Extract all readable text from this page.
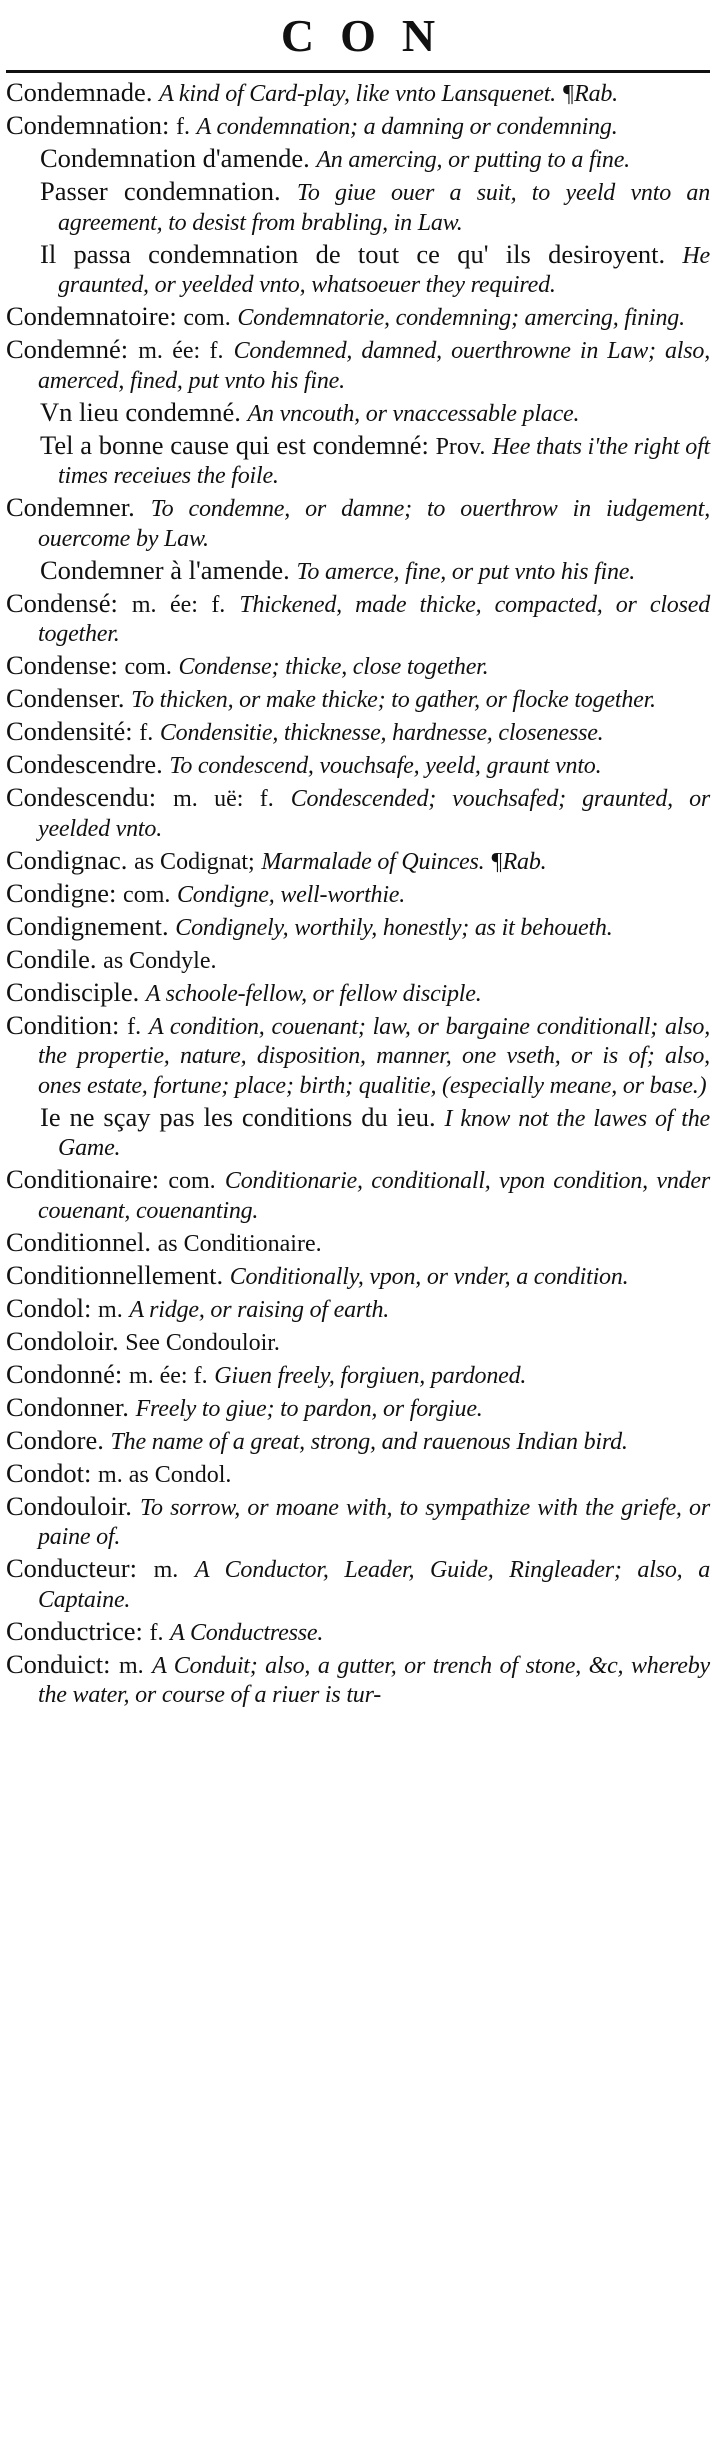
CON
Condemnade. A kind of Card-play, like vnto Lansquenet. ¶Rab.
Condemnation: f. A condemnation; a damning or condemning.
Condemnation d'amende. An amercing, or putting to a fine.
Passer condemnation. To giue ouer a suit, to yeeld vnto an agreement, to desist from brabling, in Law.
Il passa condemnation de tout ce qu' ils desiroyent. He graunted, or yeelded vnto, whatsoeuer they required.
Condemnatoire: com. Condemnatorie, condemning; amercing, fining.
Condemné: m. ée: f. Condemned, damned, ouerthrowne in Law; also, amerced, fined, put vnto his fine.
Vn lieu condemné. An vncouth, or vnaccessable place.
Tel a bonne cause qui est condemné: Prov. Hee thats i'the right oft times receiues the foile.
Condemner. To condemne, or damne; to ouerthrow in iudgement, ouercome by Law.
Condemner à l'amende. To amerce, fine, or put vnto his fine.
Condensé: m. ée: f. Thickened, made thicke, compacted, or closed together.
Condense: com. Condense; thicke, close together.
Condenser. To thicken, or make thicke; to gather, or flocke together.
Condensité: f. Condensitie, thicknesse, hardnesse, closenesse.
Condescendre. To condescend, vouchsafe, yeeld, graunt vnto.
Condescendu: m. uë: f. Condescended; vouchsafed; graunted, or yeelded vnto.
Condignac. as Codignat; Marmalade of Quinces. ¶Rab.
Condigne: com. Condigne, well-worthie.
Condignement. Condignely, worthily, honestly; as it behoueth.
Condile. as Condyle.
Condisciple. A schoole-fellow, or fellow disciple.
Condition: f. A condition, couenant; law, or bargaine conditionall; also, the propertie, nature, disposition, manner, one vseth, or is of; also, ones estate, fortune; place; birth; qualitie, (especially meane, or base.)
Ie ne sçay pas les conditions du ieu. I know not the lawes of the Game.
Conditionaire: com. Conditionarie, conditionall, vpon condition, vnder couenant, couenanting.
Conditionnel. as Conditionaire.
Conditionnellement. Conditionally, vpon, or vnder, a condition.
Condol: m. A ridge, or raising of earth.
Condoloir. See Condouloir.
Condonné: m. ée: f. Giuen freely, forgiuen, pardoned.
Condonner. Freely to giue; to pardon, or forgiue.
Condore. The name of a great, strong, and rauenous Indian bird.
Condot: m. as Condol.
Condouloir. To sorrow, or moane with, to sympathize with the griefe, or paine of.
Conducteur: m. A Conductor, Leader, Guide, Ringleader; also, a Captaine.
Conductrice: f. A Conductresse.
Conduict: m. A Conduit; also, a gutter, or trench of stone, &c, whereby the water, or course of a riuer is tur-
